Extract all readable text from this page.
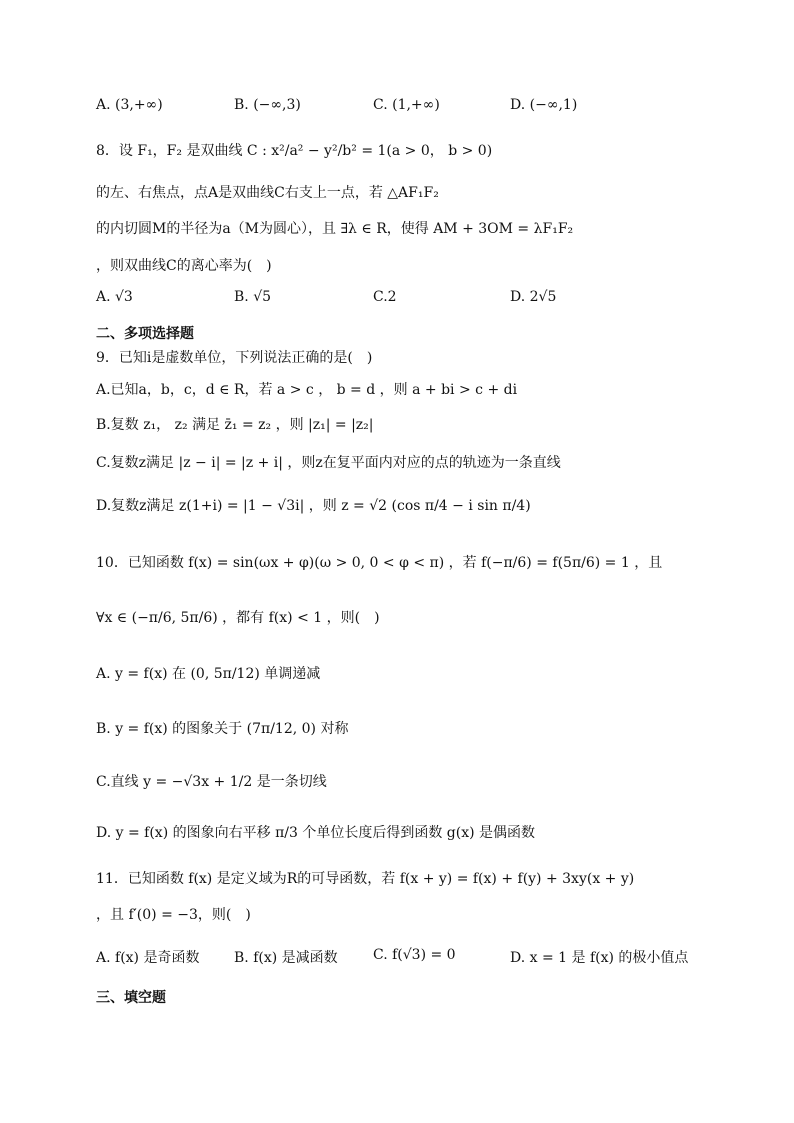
A. (3,+∞)	B. (−∞,3)	C. (1,+∞)	D. (−∞,1)
8．设 F₁，F₂ 是双曲线 C : x²/a² − y²/b² = 1(a > 0， b > 0)
的左、右焦点，点A是双曲线C右支上一点，若 △AF₁F₂
的内切圆M的半径为a（M为圆心），且 ∃λ ∈ R，使得 AM + 3OM = λF₁F₂
，则双曲线C的离心率为(　)
A. √3	B. √5	C.2	D. 2√5
二、多项选择题
9．已知i是虚数单位，下列说法正确的是(　)
A.已知a，b，c，d ∈ R，若 a > c ， b = d ，则 a + bi > c + di
B.复数 z₁， z₂ 满足 z̄₁ = z₂ ，则 |z₁| = |z₂|
C.复数z满足 |z − i| = |z + i| ，则z在复平面内对应的点的轨迹为一条直线
D.复数z满足 z(1+i) = |1 − √3i| ，则 z = √2 (cos π/4 − i sin π/4)
10．已知函数 f(x) = sin(ωx + φ)(ω > 0, 0 < φ < π) ，若 f(−π/6) = f(5π/6) = 1 ，且
∀x ∈ (−π/6, 5π/6) ，都有 f(x) < 1 ，则(　)
A. y = f(x) 在 (0, 5π/12) 单调递减
B. y = f(x) 的图象关于 (7π/12, 0) 对称
C.直线 y = −√3x + 1/2 是一条切线
D. y = f(x) 的图象向右平移 π/3 个单位长度后得到函数 g(x) 是偶函数
11．已知函数 f(x) 是定义域为R的可导函数，若 f(x + y) = f(x) + f(y) + 3xy(x + y)
，且 f′(0) = −3，则(　)
A. f(x) 是奇函数 B. f(x) 是减函数	C. f(√3) = 0	D. x = 1 是 f(x) 的极小值点
三、填空题
